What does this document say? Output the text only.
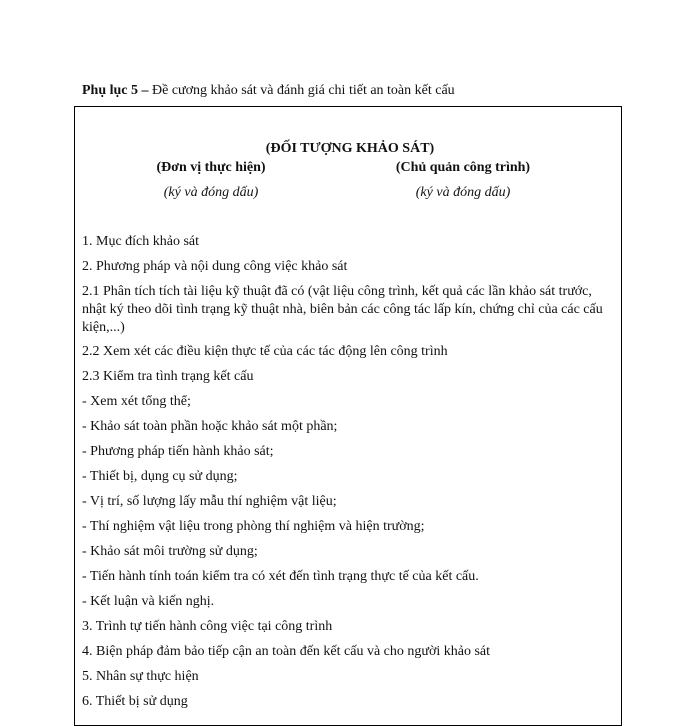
Phụ lục 5 – Đề cương khảo sát và đánh giá chi tiết an toàn kết cấu
(ĐỐI TƯỢNG KHẢO SÁT)
(Đơn vị thực hiện)
(ký và đóng dấu)
(Chủ quản công trình)
(ký và đóng dấu)

1. Mục đích khảo sát

2. Phương pháp và nội dung công việc khảo sát

2.1 Phân tích tích tài liệu kỹ thuật đã có (vật liệu công trình, kết quả các lần khảo sát trước, nhật ký theo dõi tình trạng kỹ thuật nhà, biên bản các công tác lấp kín, chứng chỉ của các cấu kiện,...)

2.2 Xem xét các điều kiện thực tế của các tác động lên công trình

2.3 Kiểm tra tình trạng kết cấu

- Xem xét tổng thể;

- Khảo sát toàn phần hoặc khảo sát một phần;

- Phương pháp tiến hành khảo sát;

- Thiết bị, dụng cụ sử dụng;

- Vị trí, số lượng lấy mẫu thí nghiệm vật liệu;

- Thí nghiệm vật liệu trong phòng thí nghiệm và hiện trường;

- Khảo sát môi trường sử dụng;

- Tiến hành tính toán kiểm tra có xét đến tình trạng thực tế của kết cấu.

- Kết luận và kiến nghị.

3. Trình tự tiến hành công việc tại công trình

4. Biện pháp đảm bảo tiếp cận an toàn đến kết cấu và cho người khảo sát

5. Nhân sự thực hiện

6. Thiết bị sử dụng
